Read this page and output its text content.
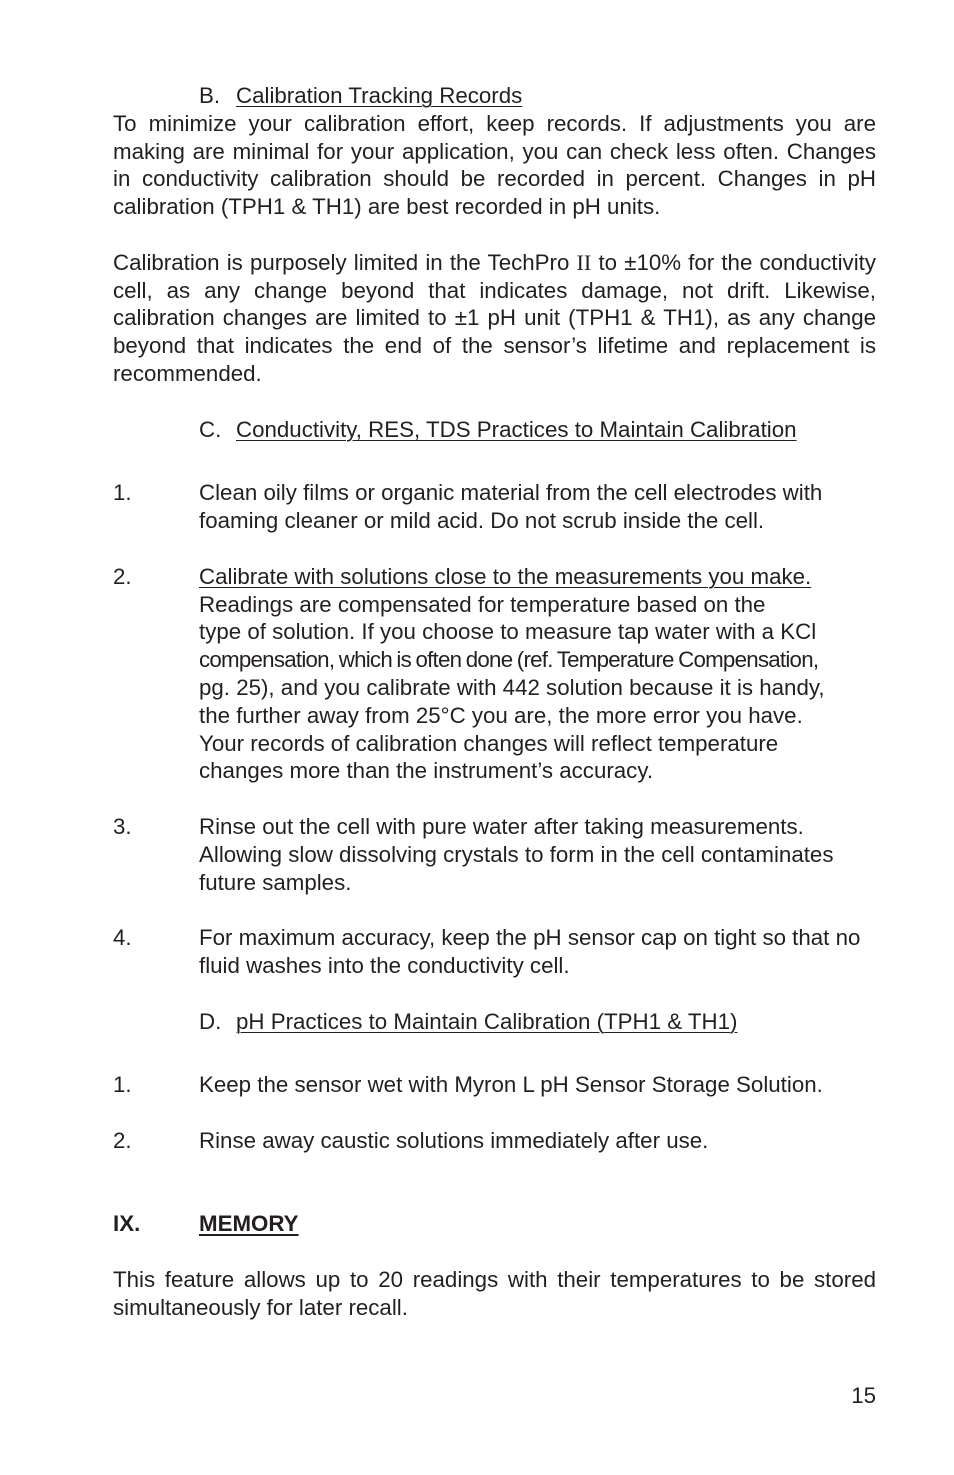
B. Calibration Tracking Records

To minimize your calibration effort, keep records. If adjustments you are making are minimal for your application, you can check less often. Changes in conductivity calibration should be recorded in percent. Changes in pH calibration (TPH1 & TH1) are best recorded in pH units.

Calibration is purposely limited in the TechPro II to ±10% for the conductivity cell, as any change beyond that indicates damage, not drift. Likewise, calibration changes are limited to ±1 pH unit (TPH1 & TH1), as any change beyond that indicates the end of the sensor’s lifetime and replacement is recommended.

C. Conductivity, RES, TDS Practices to Maintain Calibration

1.	Clean oily films or organic material from the cell electrodes with foaming cleaner or mild acid. Do not scrub inside the cell.
2.	Calibrate with solutions close to the measurements you make.
Readings are compensated for temperature based on the
type of solution. If you choose to measure tap water with a KCl
compensation, which is often done (ref. Temperature Compensation,
pg. 25), and you calibrate with 442 solution because it is handy,
the further away from 25°C you are, the more error you have.
Your records of calibration changes will reflect temperature
changes more than the instrument’s accuracy.
3.	Rinse out the cell with pure water after taking measurements. Allowing slow dissolving crystals to form in the cell contaminates future samples.
4.	For maximum accuracy, keep the pH sensor cap on tight so that no fluid washes into the conductivity cell.

D. pH Practices to Maintain Calibration (TPH1 & TH1)

1.	Keep the sensor wet with Myron L pH Sensor Storage Solution.
2.	Rinse away caustic solutions immediately after use.

IX.	MEMORY

This feature allows up to 20 readings with their temperatures to be stored simultaneously for later recall.

15
